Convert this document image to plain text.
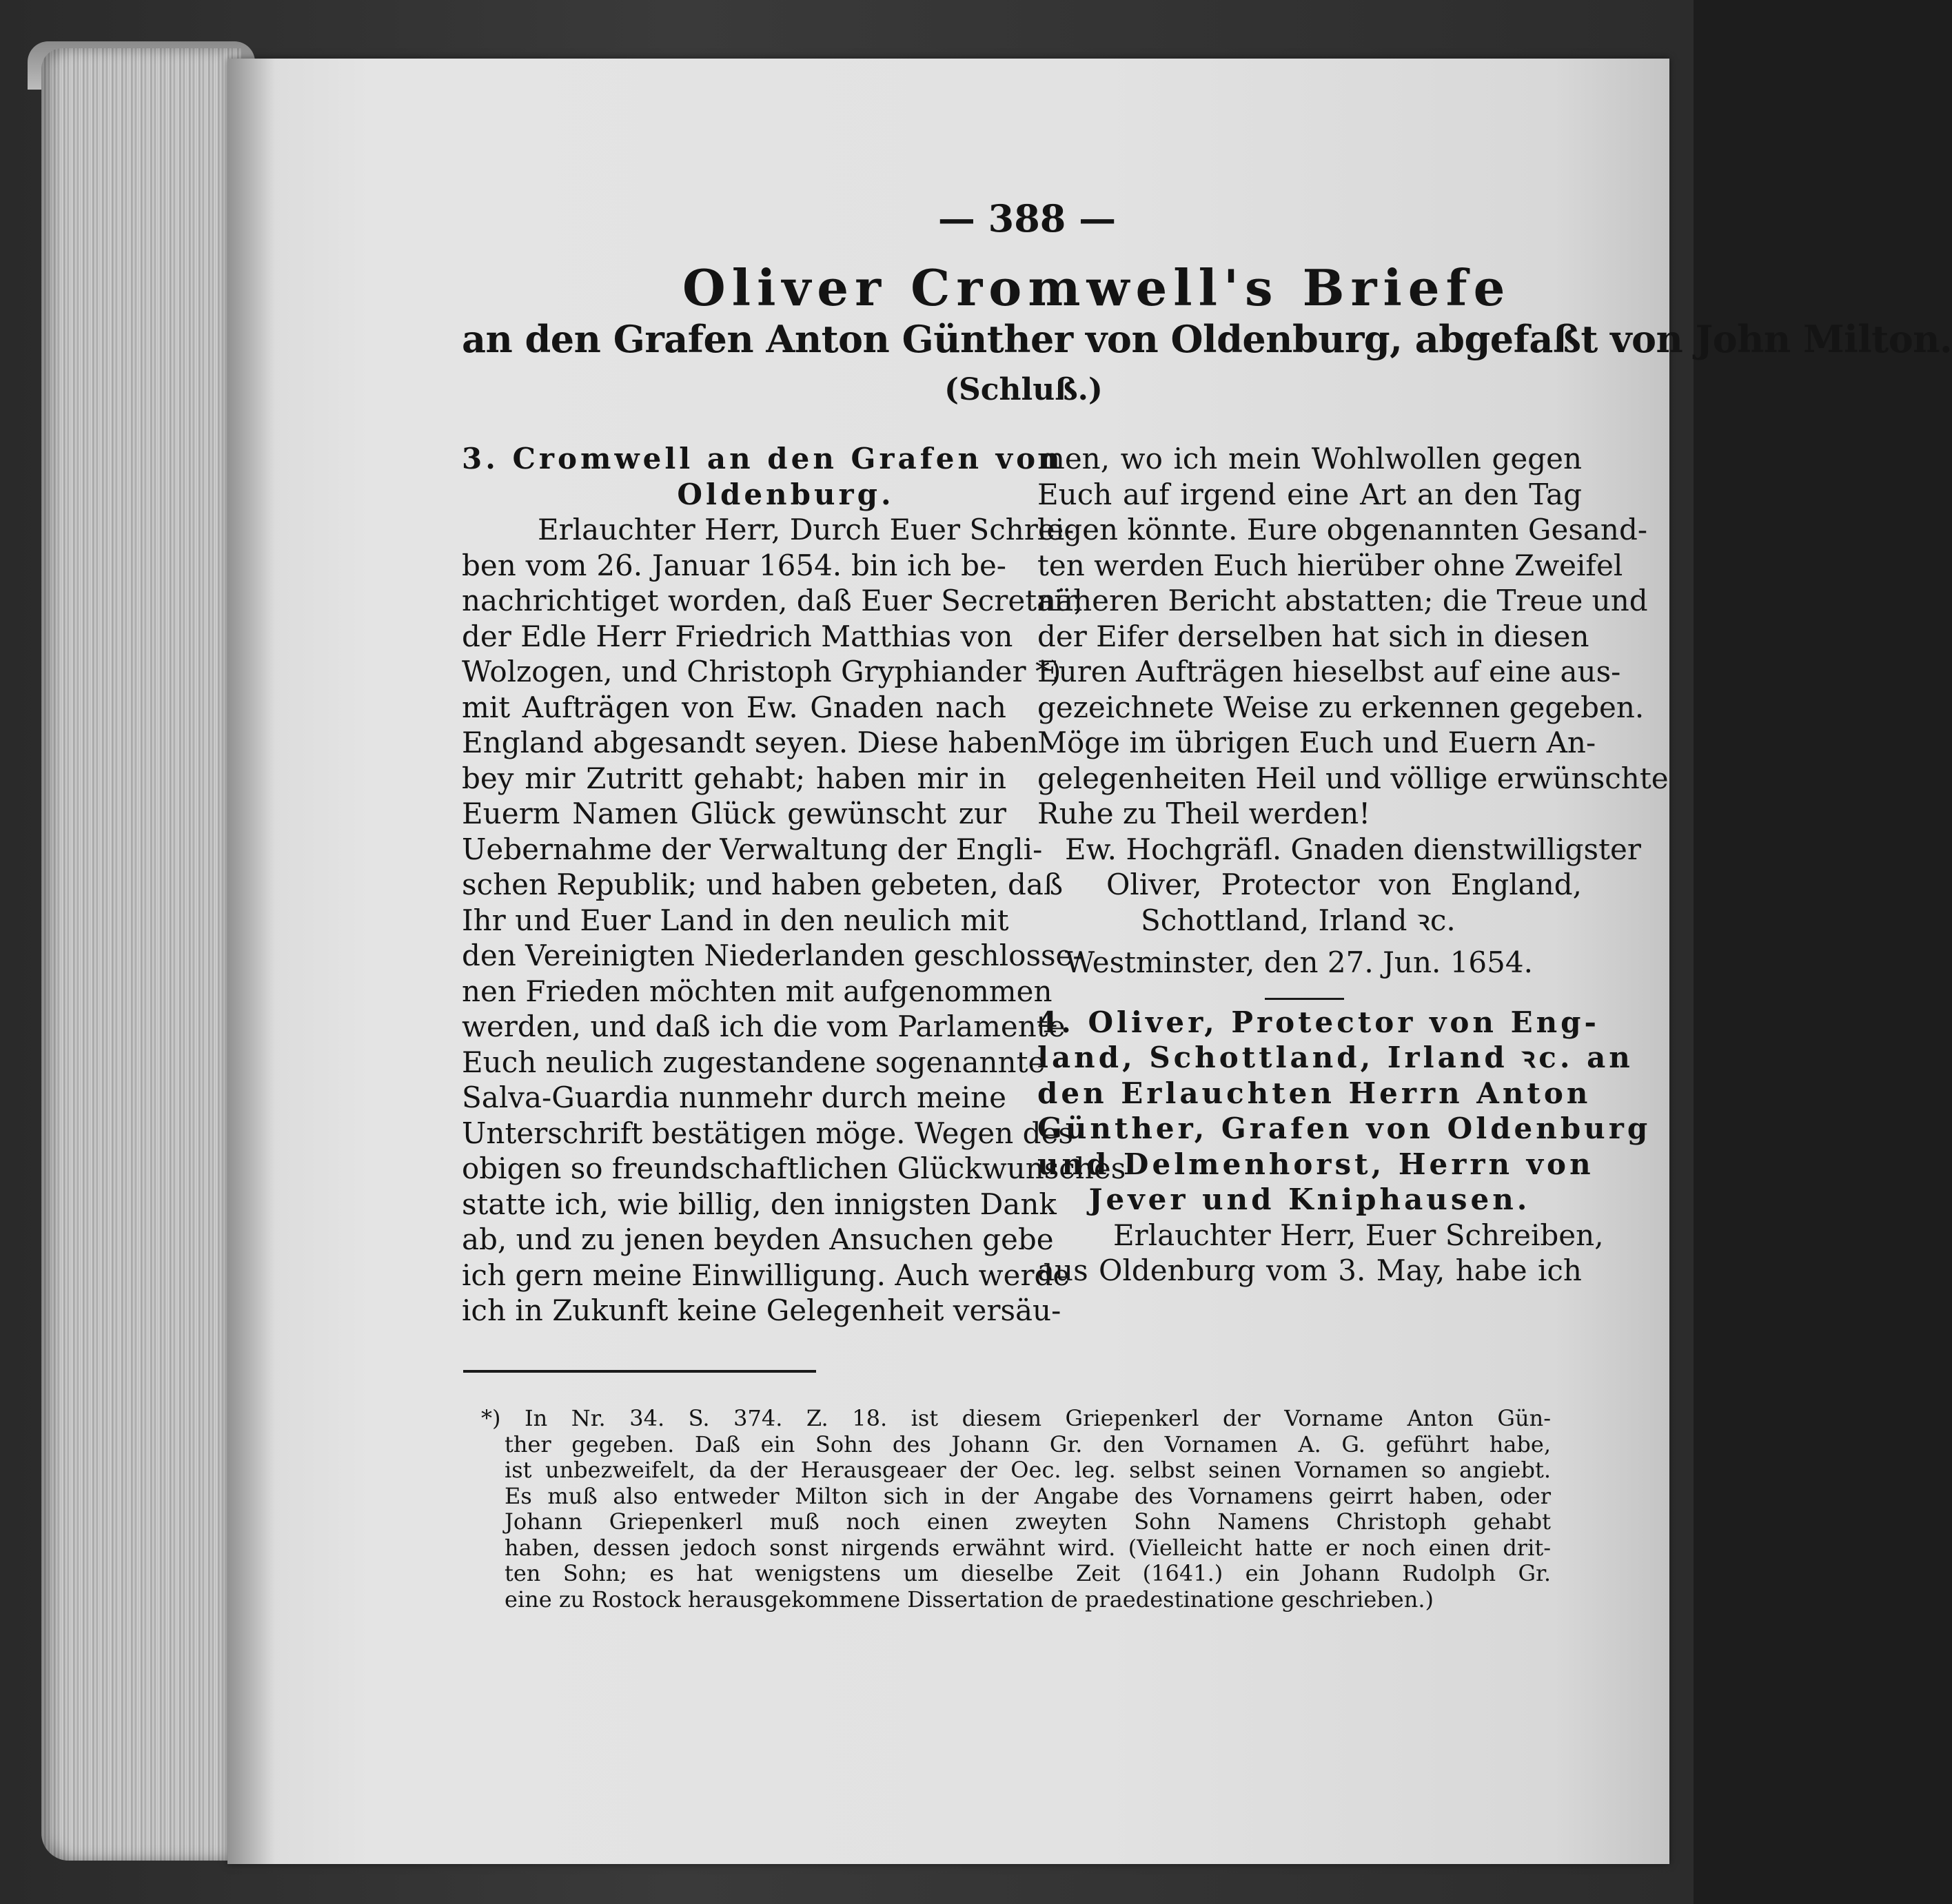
— 388 —
Oliver Cromwell's Briefe
an den Grafen Anton Günther von Oldenburg, abgefaßt von John Milton.
(Schluß.)
3. Cromwell an den Grafen von
Oldenburg.
Erlauchter Herr, Durch Euer Schrei-
ben vom 26. Januar 1654. bin ich be-
nachrichtiget worden, daß Euer Secretair,
der Edle Herr Friedrich Matthias von
Wolzogen, und Christoph Gryphiander *)
mit Aufträgen von Ew. Gnaden nach
England abgesandt seyen. Diese haben
bey mir Zutritt gehabt; haben mir in
Euerm Namen Glück gewünscht zur
Uebernahme der Verwaltung der Engli-
schen Republik; und haben gebeten, daß
Ihr und Euer Land in den neulich mit
den Vereinigten Niederlanden geschlosse-
nen Frieden möchten mit aufgenommen
werden, und daß ich die vom Parlamente
Euch neulich zugestandene sogenannte
Salva-Guardia nunmehr durch meine
Unterschrift bestätigen möge. Wegen des
obigen so freundschaftlichen Glückwunsches
statte ich, wie billig, den innigsten Dank
ab, und zu jenen beyden Ansuchen gebe
ich gern meine Einwilligung. Auch werde
ich in Zukunft keine Gelegenheit versäu-
men, wo ich mein Wohlwollen gegen
Euch auf irgend eine Art an den Tag
legen könnte. Eure obgenannten Gesand-
ten werden Euch hierüber ohne Zweifel
näheren Bericht abstatten; die Treue und
der Eifer derselben hat sich in diesen
Euren Aufträgen hieselbst auf eine aus-
gezeichnete Weise zu erkennen gegeben.
Möge im übrigen Euch und Euern An-
gelegenheiten Heil und völlige erwünschte
Ruhe zu Theil werden!
Ew. Hochgräfl. Gnaden dienstwilligster
Oliver, Protector von England,
Schottland, Irland ꝛc.
Westminster, den 27. Jun. 1654.
4. Oliver, Protector von Eng-
land, Schottland, Irland ꝛc. an
den Erlauchten Herrn Anton
Günther, Grafen von Oldenburg
und Delmenhorst, Herrn von
Jever und Kniphausen.
Erlauchter Herr, Euer Schreiben,
aus Oldenburg vom 3. May, habe ich
*) In Nr. 34. S. 374. Z. 18. ist diesem Griepenkerl der Vorname Anton Gün-
ther gegeben. Daß ein Sohn des Johann Gr. den Vornamen A. G. geführt habe,
ist unbezweifelt, da der Herausgeaer der Oec. leg. selbst seinen Vornamen so angiebt.
Es muß also entweder Milton sich in der Angabe des Vornamens geirrt haben, oder
Johann Griepenkerl muß noch einen zweyten Sohn Namens Christoph gehabt
haben, dessen jedoch sonst nirgends erwähnt wird. (Vielleicht hatte er noch einen drit-
ten Sohn; es hat wenigstens um dieselbe Zeit (1641.) ein Johann Rudolph Gr.
eine zu Rostock herausgekommene Dissertation de praedestinatione geschrieben.)
